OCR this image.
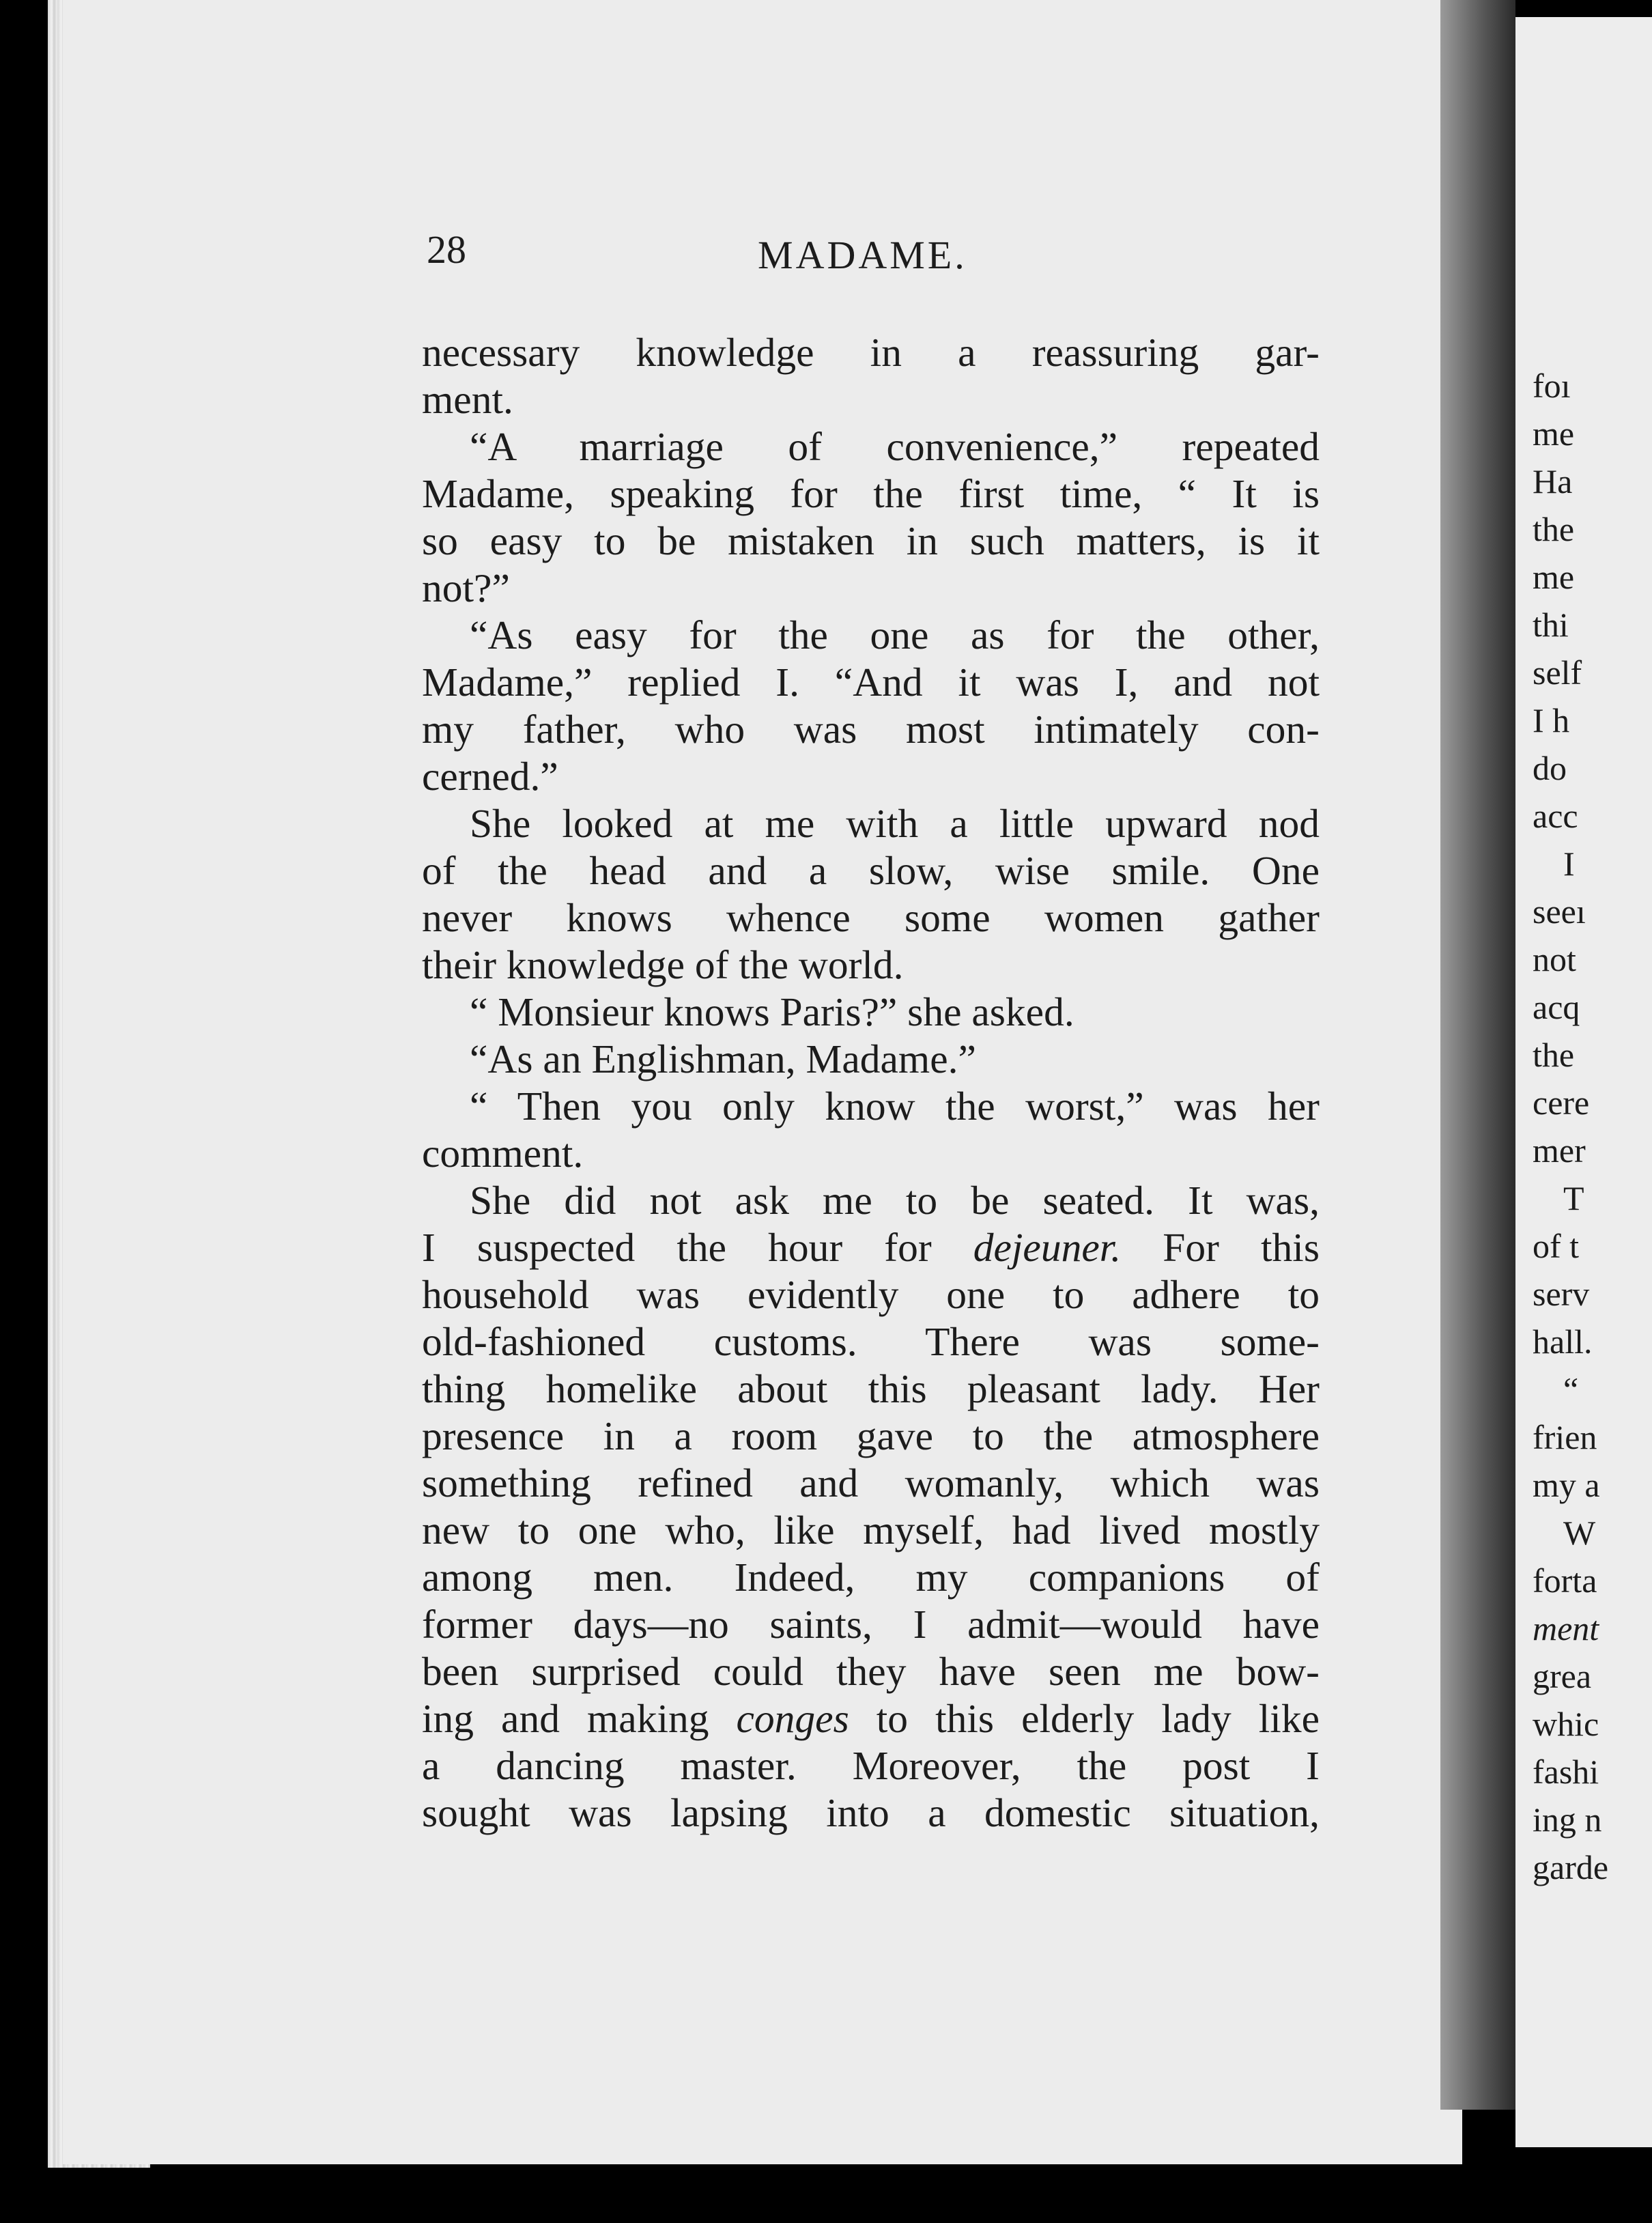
foı
me
Ha
the
me
thi
self
I h
do
acc
I
seeı
not
acq
the
cere
mer
T
of t
serv
hall.
“
frien
my a
W
forta
ment
grea
whic
fashi
ing n
garde
28	MADAME.
necessary knowledge in a reassuring gar-
ment.
“A marriage of convenience,” repeated
Madame, speaking for the first time, “ It is
so easy to be mistaken in such matters, is it
not?”
“As easy for the one as for the other,
Madame,” replied I. “And it was I, and not
my father, who was most intimately con-
cerned.”
She looked at me with a little upward nod
of the head and a slow, wise smile. One
never knows whence some women gather
their knowledge of the world.
“ Monsieur knows Paris?” she asked.
“As an Englishman, Madame.”
“ Then you only know the worst,” was her
comment.
She did not ask me to be seated. It was,
I suspected the hour for dejeuner. For this
household was evidently one to adhere to
old-fashioned customs. There was some-
thing homelike about this pleasant lady. Her
presence in a room gave to the atmosphere
something refined and womanly, which was
new to one who, like myself, had lived mostly
among men. Indeed, my companions of
former days—no saints, I admit—would have
been surprised could they have seen me bow-
ing and making conges to this elderly lady like
a dancing master. Moreover, the post I
sought was lapsing into a domestic situation,
